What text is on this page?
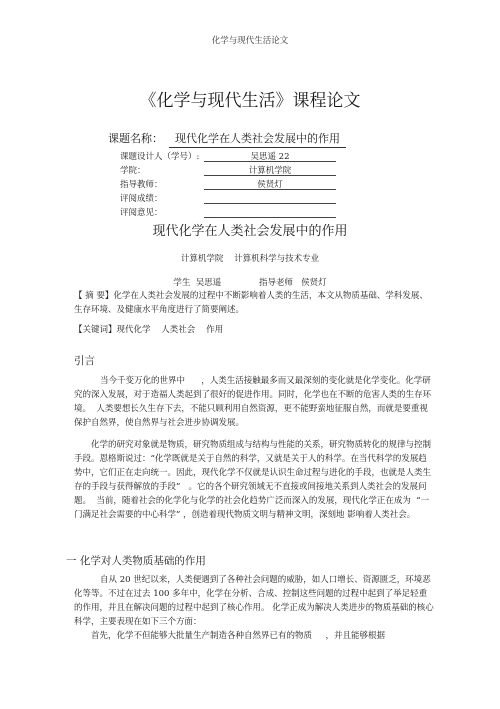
化学与现代生活论文
《化学与现代生活》课程论文
课题名称： 现代化学在人类社会发展中的作用
课题设计人（学号）:	吴思遥 22
学院：	计算机学院
指导教师：	侯贤灯
评阅成绩：
评阅意见：
现代化学在人类社会发展中的作用
计算机学院    计算机科学与技术专业
学生  吴思遥              指导老师   侯贤灯

【 摘 要】化学在人类社会发展的过程中不断影响着人类的生活，本文从物质基础、学科发展、生存环境、及健康水平角度进行了简要阐述。

【关键词】现代化学    人类社会    作用
引言

当今千变万化的世界中      ，人类生活接触最多而又最深刻的变化就是化学变化。化学研究的深入发展，对于造福人类起到了很好的促进作用。同时，化学也在不断的危害人类的生存环境。  人类要想长久生存下去，不能只顾利用自然资源，更不能野蛮地征服自然，而就是要重视保护自然界，使自然界与社会进步协调发展。

化学的研究对象就是物质，研究物质组成与结构与性能的关系，研究物质转化的规律与控制手段。恩格斯说过：“化学既就是关于自然的科学，又就是关于人的科学。在当代科学的发展趋势中，它们正在走向统一。因此，现代化学不仅就是认识生命过程与进化的手段，也就是人类生存的手段与获得解放的手段”   。它的各个研究领域无不直接或间接地关系到人类社会的发展问题。  当前，随着社会的化学化与化学的社会化趋势广泛而深入的发展，现代化学正在成为  “一门满足社会需要的中心科学” ，创造着现代物质文明与精神文明，深刻地 影响着人类社会。

一 化学对人类物质基础的作用

自从 20 世纪以来，人类便遇到了各种社会问题的威胁，如人口增长、资源匮乏，环境恶化等等。不过在过去 100 多年中，化学在分析、合成、控制这些问题的过程中起到了举足轻重的作用，并且在解决问题的过程中起到了核心作用。 化学正成为解决人类进步的物质基础的核心科学，主要表现在如下三个方面：

首先，化学不但能够大批量生产制造各种自然界已有的物质     ，并且能够根据
